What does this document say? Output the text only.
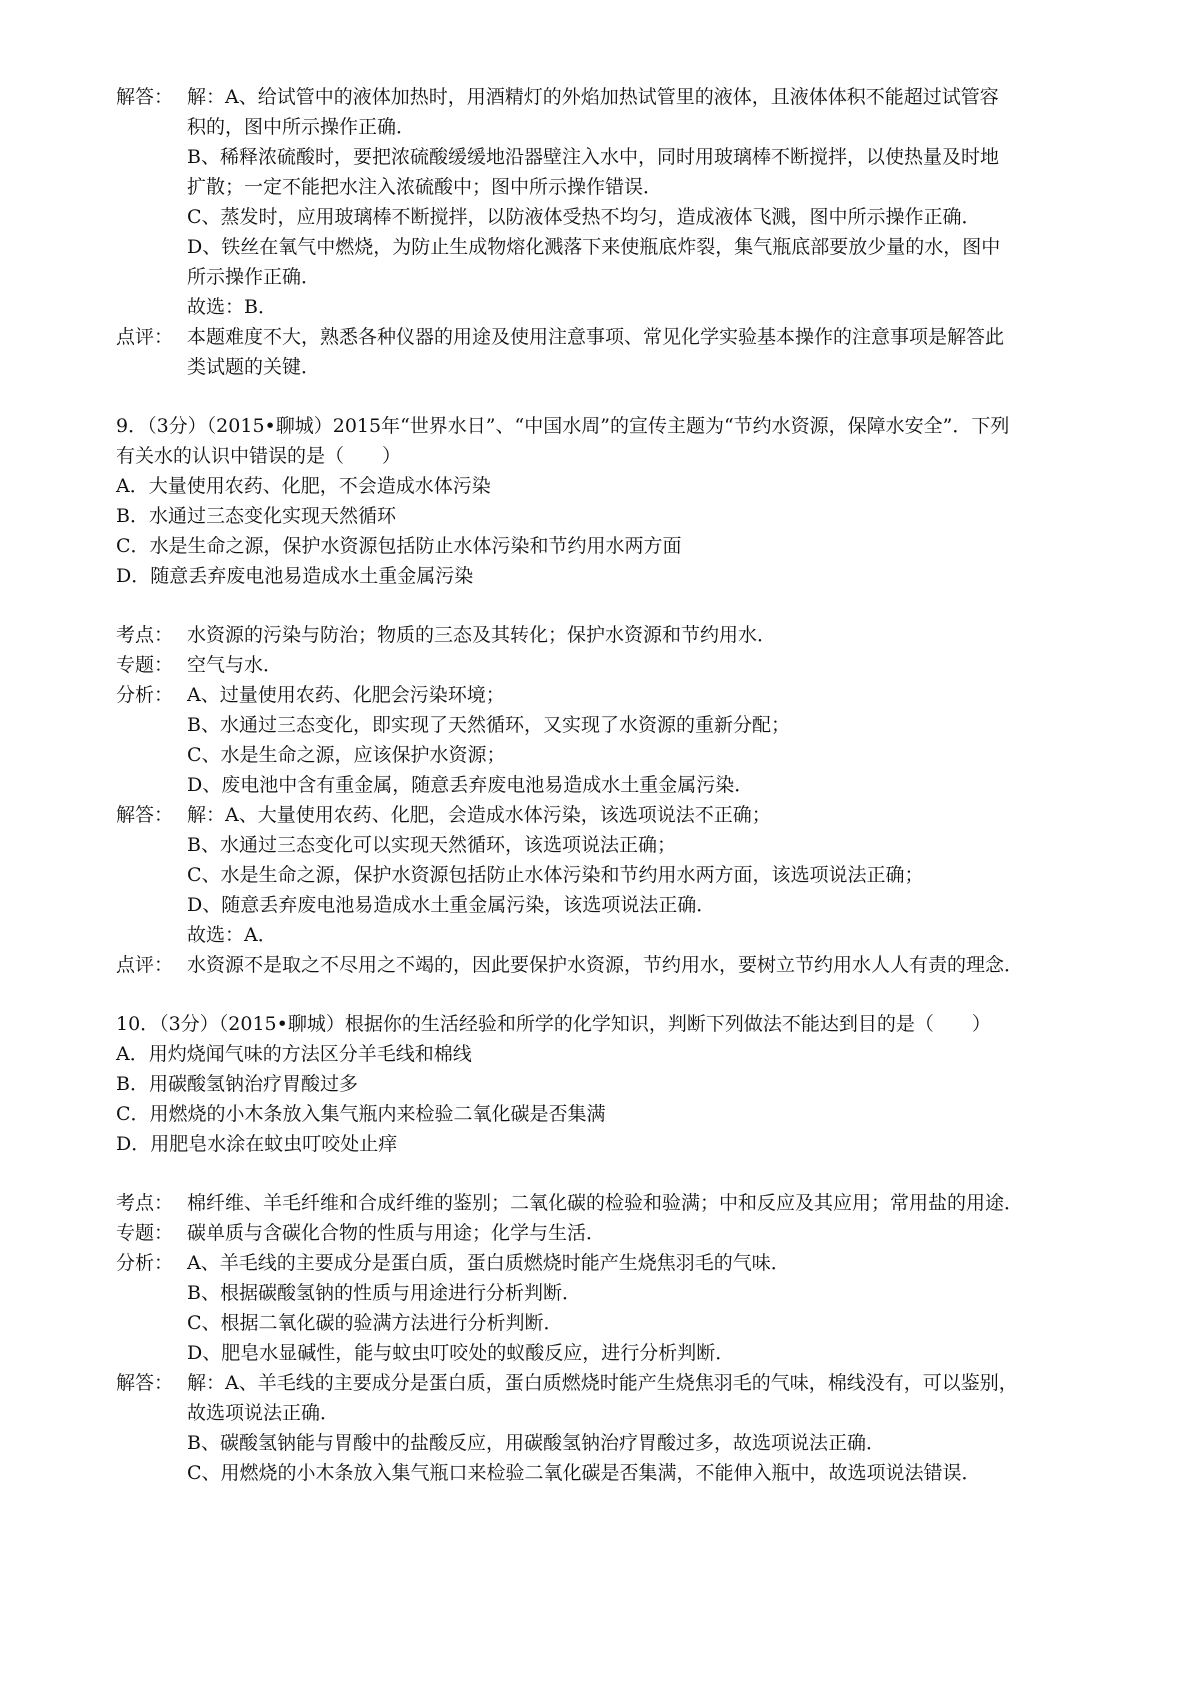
解答： 解：A、给试管中的液体加热时，用酒精灯的外焰加热试管里的液体，且液体体积不能超过试管容
积的，图中所示操作正确．
B、稀释浓硫酸时，要把浓硫酸缓缓地沿器壁注入水中，同时用玻璃棒不断搅拌，以使热量及时地
扩散；一定不能把水注入浓硫酸中；图中所示操作错误．
C、蒸发时，应用玻璃棒不断搅拌，以防液体受热不均匀，造成液体飞溅，图中所示操作正确．
D、铁丝在氧气中燃烧，为防止生成物熔化溅落下来使瓶底炸裂，集气瓶底部要放少量的水，图中
所示操作正确．
故选：B．
点评： 本题难度不大，熟悉各种仪器的用途及使用注意事项、常见化学实验基本操作的注意事项是解答此
类试题的关键．
9．（3分）（2015•聊城）2015年“世界水日”、“中国水周”的宣传主题为“节约水资源，保障水安全”．下列
有关水的认识中错误的是（　　）
A．大量使用农药、化肥，不会造成水体污染
B．水通过三态变化实现天然循环
C．水是生命之源，保护水资源包括防止水体污染和节约用水两方面
D．随意丢弃废电池易造成水土重金属污染
考点： 水资源的污染与防治；物质的三态及其转化；保护水资源和节约用水．
专题： 空气与水．
分析： A、过量使用农药、化肥会污染环境；
B、水通过三态变化，即实现了天然循环，又实现了水资源的重新分配；
C、水是生命之源，应该保护水资源；
D、废电池中含有重金属，随意丢弃废电池易造成水土重金属污染．
解答： 解：A、大量使用农药、化肥，会造成水体污染，该选项说法不正确；
B、水通过三态变化可以实现天然循环，该选项说法正确；
C、水是生命之源，保护水资源包括防止水体污染和节约用水两方面，该选项说法正确；
D、随意丢弃废电池易造成水土重金属污染，该选项说法正确．
故选：A．
点评： 水资源不是取之不尽用之不竭的，因此要保护水资源，节约用水，要树立节约用水人人有责的理念．
10．（3分）（2015•聊城）根据你的生活经验和所学的化学知识，判断下列做法不能达到目的是（　　）
A．用灼烧闻气味的方法区分羊毛线和棉线
B．用碳酸氢钠治疗胃酸过多
C．用燃烧的小木条放入集气瓶内来检验二氧化碳是否集满
D．用肥皂水涂在蚊虫叮咬处止痒
考点： 棉纤维、羊毛纤维和合成纤维的鉴别；二氧化碳的检验和验满；中和反应及其应用；常用盐的用途．
专题： 碳单质与含碳化合物的性质与用途；化学与生活．
分析： A、羊毛线的主要成分是蛋白质，蛋白质燃烧时能产生烧焦羽毛的气味．
B、根据碳酸氢钠的性质与用途进行分析判断．
C、根据二氧化碳的验满方法进行分析判断．
D、肥皂水显碱性，能与蚊虫叮咬处的蚁酸反应，进行分析判断．
解答： 解：A、羊毛线的主要成分是蛋白质，蛋白质燃烧时能产生烧焦羽毛的气味，棉线没有，可以鉴别，
故选项说法正确．
B、碳酸氢钠能与胃酸中的盐酸反应，用碳酸氢钠治疗胃酸过多，故选项说法正确．
C、用燃烧的小木条放入集气瓶口来检验二氧化碳是否集满，不能伸入瓶中，故选项说法错误．
